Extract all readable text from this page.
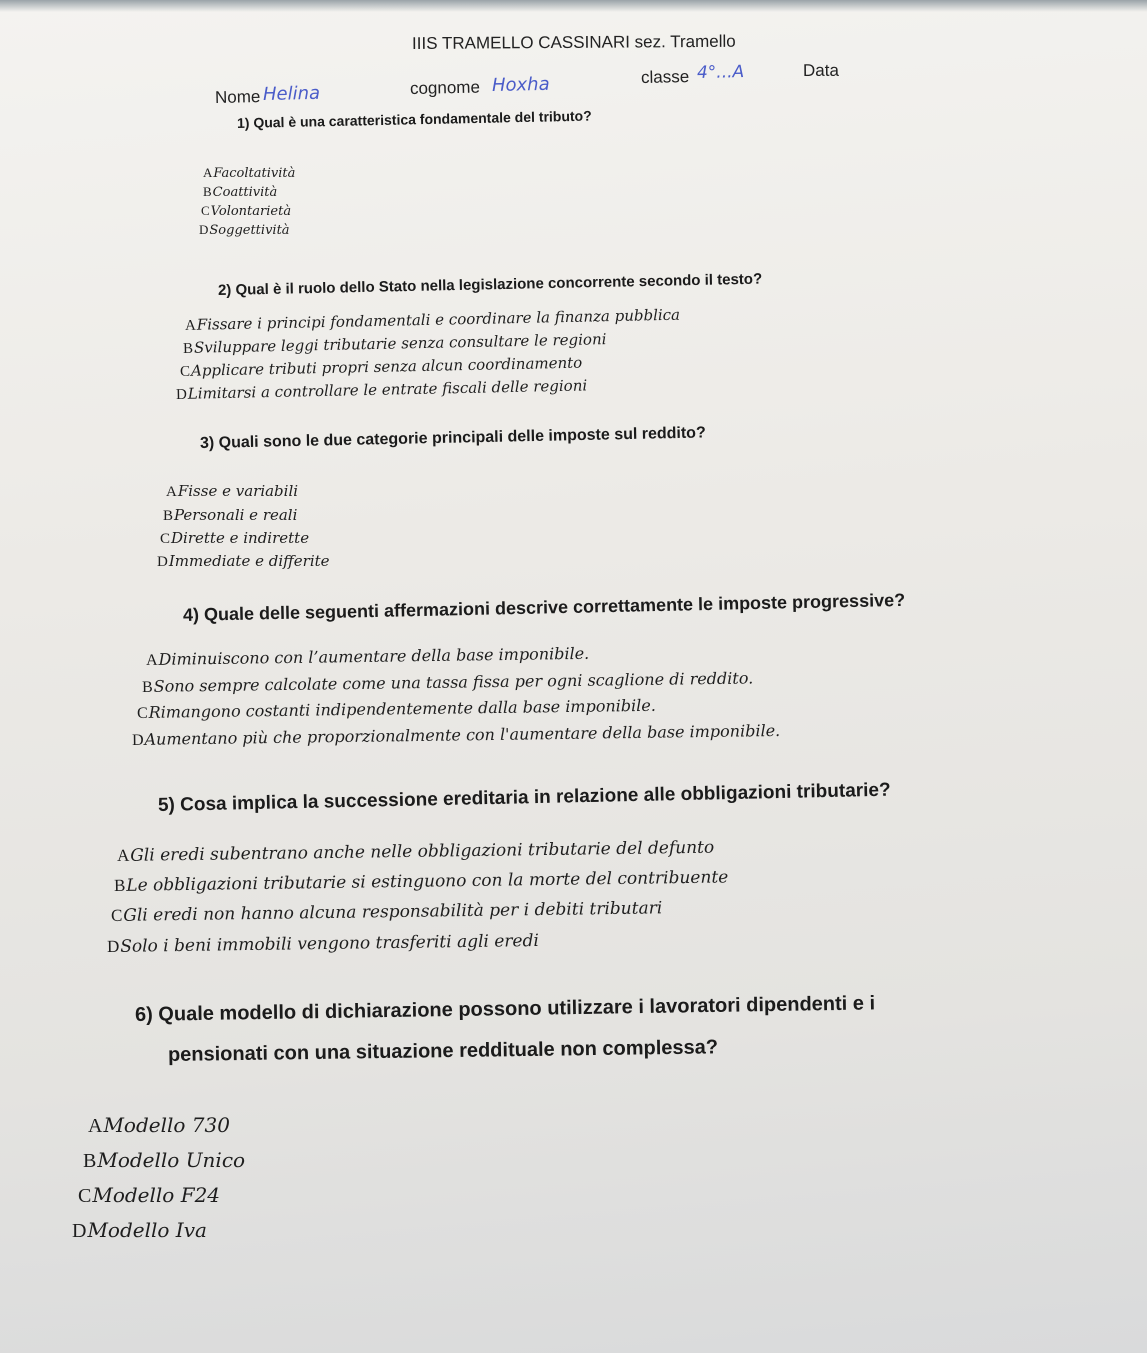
IIIS TRAMELLO CASSINARI sez. Tramello
Nome Helina	cognome Hoxha	classe 4°...A	Data
1) Qual è una caratteristica fondamentale del tributo?
AFacoltatività
BCoattività
CVolontarietà
DSoggettività
2) Qual è il ruolo dello Stato nella legislazione concorrente secondo il testo?
AFissare i principi fondamentali e coordinare la finanza pubblica
BSviluppare leggi tributarie senza consultare le regioni
CApplicare tributi propri senza alcun coordinamento
DLimitarsi a controllare le entrate fiscali delle regioni
3) Quali sono le due categorie principali delle imposte sul reddito?
AFisse e variabili
BPersonali e reali
CDirette e indirette
DImmediate e differite
4) Quale delle seguenti affermazioni descrive correttamente le imposte progressive?
ADiminuiscono con l’aumentare della base imponibile.
BSono sempre calcolate come una tassa fissa per ogni scaglione di reddito.
CRimangono costanti indipendentemente dalla base imponibile.
DAumentano più che proporzionalmente con l'aumentare della base imponibile.
5) Cosa implica la successione ereditaria in relazione alle obbligazioni tributarie?
AGli eredi subentrano anche nelle obbligazioni tributarie del defunto
BLe obbligazioni tributarie si estinguono con la morte del contribuente
CGli eredi non hanno alcuna responsabilità per i debiti tributari
DSolo i beni immobili vengono trasferiti agli eredi
6) Quale modello di dichiarazione possono utilizzare i lavoratori dipendenti e i
pensionati con una situazione reddituale non complessa?
AModello 730
BModello Unico
CModello F24
DModello Iva
